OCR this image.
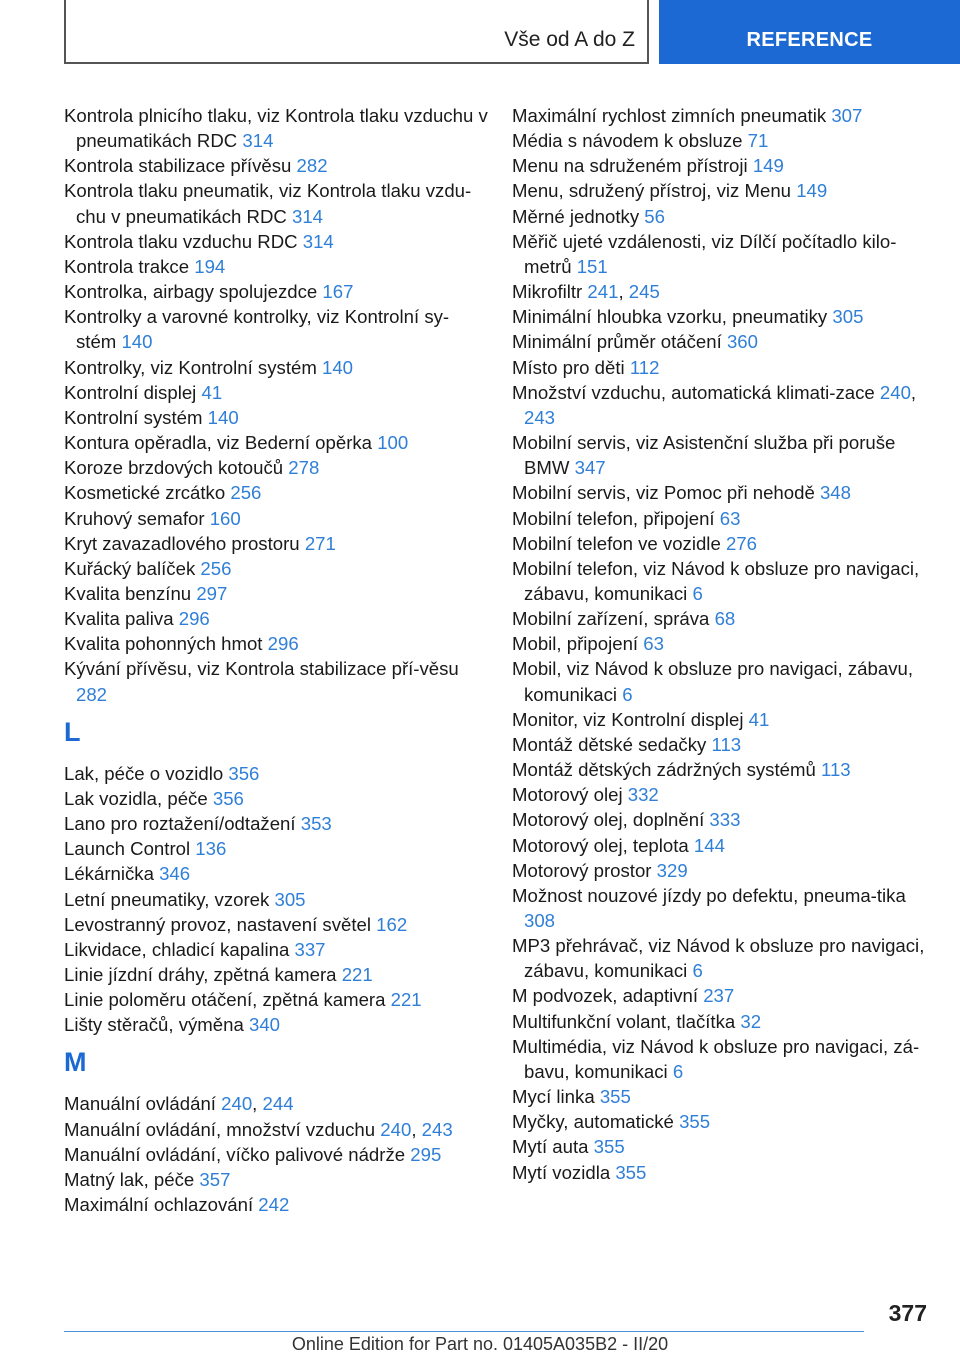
Vše od A do Z	REFERENCE
Kontrola plnicího tlaku, viz Kontrola tlaku vzduchu v pneumatikách RDC 314
Kontrola stabilizace přívěsu 282
Kontrola tlaku pneumatik, viz Kontrola tlaku vzdu-chu v pneumatikách RDC 314
Kontrola tlaku vzduchu RDC 314
Kontrola trakce 194
Kontrolka, airbagy spolujezdce 167
Kontrolky a varovné kontrolky, viz Kontrolní sy-stém 140
Kontrolky, viz Kontrolní systém 140
Kontrolní displej 41
Kontrolní systém 140
Kontura opěradla, viz Bederní opěrka 100
Koroze brzdových kotoučů 278
Kosmetické zrcátko 256
Kruhový semafor 160
Kryt zavazadlového prostoru 271
Kuřácký balíček 256
Kvalita benzínu 297
Kvalita paliva 296
Kvalita pohonných hmot 296
Kývání přívěsu, viz Kontrola stabilizace pří-věsu 282
L
Lak, péče o vozidlo 356
Lak vozidla, péče 356
Lano pro roztažení/odtažení 353
Launch Control 136
Lékárnička 346
Letní pneumatiky, vzorek 305
Levostranný provoz, nastavení světel 162
Likvidace, chladicí kapalina 337
Linie jízdní dráhy, zpětná kamera 221
Linie poloměru otáčení, zpětná kamera 221
Lišty stěračů, výměna 340
M
Manuální ovládání 240, 244
Manuální ovládání, množství vzduchu 240, 243
Manuální ovládání, víčko palivové nádrže 295
Matný lak, péče 357
Maximální ochlazování 242
Maximální rychlost zimních pneumatik 307
Média s návodem k obsluze 71
Menu na sdruženém přístroji 149
Menu, sdružený přístroj, viz Menu 149
Měrné jednotky 56
Měřič ujeté vzdálenosti, viz Dílčí počítadlo kilo-metrů 151
Mikrofiltr 241, 245
Minimální hloubka vzorku, pneumatiky 305
Minimální průměr otáčení 360
Místo pro děti 112
Množství vzduchu, automatická klimati-zace 240, 243
Mobilní servis, viz Asistenční služba při poruše BMW 347
Mobilní servis, viz Pomoc při nehodě 348
Mobilní telefon, připojení 63
Mobilní telefon ve vozidle 276
Mobilní telefon, viz Návod k obsluze pro navigaci, zábavu, komunikaci 6
Mobilní zařízení, správa 68
Mobil, připojení 63
Mobil, viz Návod k obsluze pro navigaci, zábavu, komunikaci 6
Monitor, viz Kontrolní displej 41
Montáž dětské sedačky 113
Montáž dětských zádržných systémů 113
Motorový olej 332
Motorový olej, doplnění 333
Motorový olej, teplota 144
Motorový prostor 329
Možnost nouzové jízdy po defektu, pneuma-tika 308
MP3 přehrávač, viz Návod k obsluze pro navigaci, zábavu, komunikaci 6
M podvozek, adaptivní 237
Multifunkční volant, tlačítka 32
Multimédia, viz Návod k obsluze pro navigaci, zá-bavu, komunikaci 6
Mycí linka 355
Myčky, automatické 355
Mytí auta 355
Mytí vozidla 355
377
Online Edition for Part no. 01405A035B2 - II/20
